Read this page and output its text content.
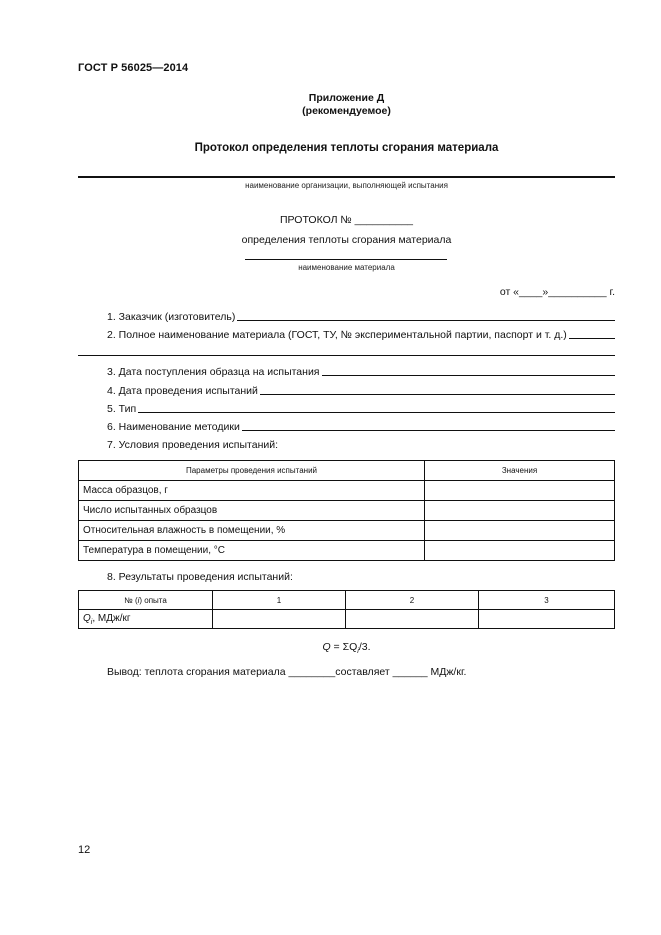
ГОСТ Р 56025—2014
Приложение Д
(рекомендуемое)
Протокол определения теплоты сгорания материала
наименование организации, выполняющей испытания
ПРОТОКОЛ № __________
определения теплоты сгорания материала
наименование материала
от «____»__________ г.
1. Заказчик (изготовитель)
2. Полное наименование материала (ГОСТ, ТУ, № экспериментальной партии, паспорт и т. д.)
3. Дата поступления образца на испытания
4. Дата проведения испытаний
5. Тип
6. Наименование методики
7. Условия проведения испытаний:
Параметры проведения испытаний	Значения
Масса образцов, г	
Число испытанных образцов	
Относительная влажность в помещении, %	
Температура в помещении, °С	
8. Результаты проведения испытаний:
№ (i) опыта	1	2	3
$Q_i$, МДж/кг			
$Q = \Sigma Q_i/3$.
Вывод: теплота сгорания материала ________составляет ______ МДж/кг.
12
